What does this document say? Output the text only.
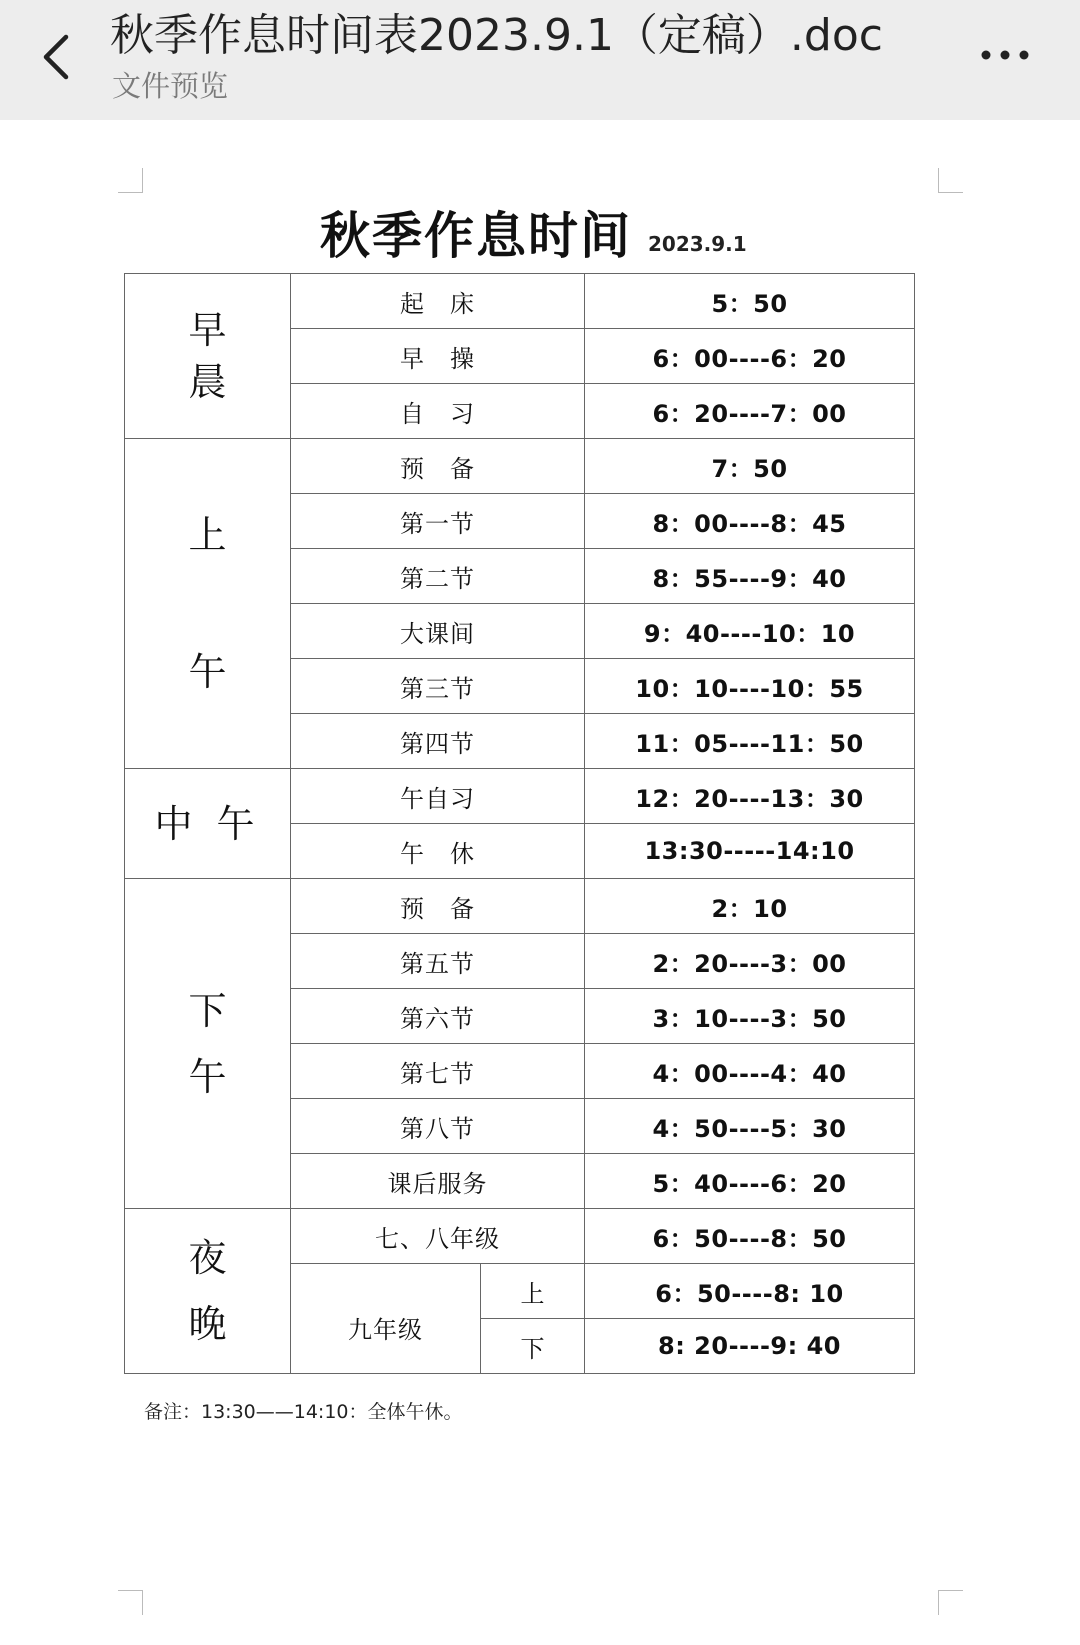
秋季作息时间表2023.9.1（定稿）.doc
文件预览
秋季作息时间 2023.9.1
早
晨	起　床		5：50
	早　操		6：00----6：20
	自　习		6：20----7：00

上
午	预　备		7：50
	第一节		8：00----8：45
	第二节		8：55----9：40
	大课间		9：40----10：10
	第三节		10：10----10：55
	第四节		11：05----11：50
中 午	午自习		12：20----13：30
	午　休		13:30-----14:10

下
午	预　备		2：10
	第五节		2：20----3：00
	第六节		3：10----3：50
	第七节		4：00----4：40
	第八节		4：50----5：30
	课后服务		5：40----6：20

夜
晚	七、八年级		6：50----8：50
	九年级	上	6：50----8: 10
		下	8: 20----9: 40
备注：13:30——14:10：全体午休。
